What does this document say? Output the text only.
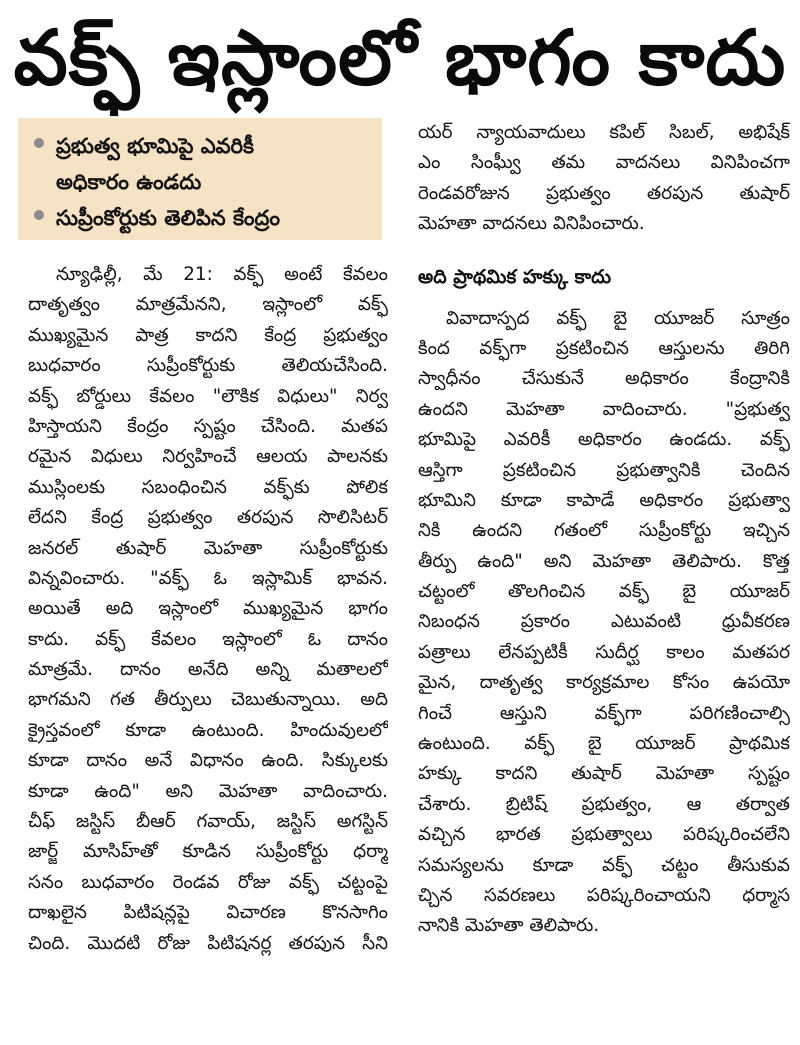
వక్ఫ్ ఇస్లాంలో భాగం కాదు
ప్రభుత్వ భూమిపై ఎవరికీ
అధికారం ఉండదు
సుప్రీంకోర్టుకు తెలిపిన కేంద్రం
న్యూఢిల్లీ, మే 21: వక్ఫ్ అంటే కేవలం
దాతృత్వం మాత్రమేనని, ఇస్లాంలో వక్ఫ్
ముఖ్యమైన పాత్ర కాదని కేంద్ర ప్రభుత్వం
బుధవారం సుప్రీంకోర్టుకు తెలియచేసింది.
వక్ఫ్ బోర్డులు కేవలం "లౌకిక విధులు" నిర్వ
హిస్తాయని కేంద్రం స్పష్టం చేసింది. మతప
రమైన విధులు నిర్వహించే ఆలయ పాలనకు
ముస్లింలకు సబంధించిన వక్ఫ్‌కు పోలిక
లేదని కేంద్ర ప్రభుత్వం తరపున సొలిసిటర్
జనరల్ తుషార్ మెహతా సుప్రీంకోర్టుకు
విన్నవించారు. "వక్ఫ్ ఓ ఇస్లామిక్ భావన.
అయితే అది ఇస్లాంలో ముఖ్యమైన భాగం
కాదు. వక్ఫ్ కేవలం ఇస్లాంలో ఓ దానం
మాత్రమే. దానం అనేది అన్ని మతాలలో
భాగమని గత తీర్పులు చెబుతున్నాయి. అది
క్రైస్తవంలో కూడా ఉంటుంది. హిందువులలో
కూడా దానం అనే విధానం ఉంది. సిక్కులకు
కూడా ఉంది" అని మెహతా వాదించారు.
చీఫ్ జస్టిస్ బీఆర్ గవాయ్, జస్టిస్ అగస్టిన్
జార్జ్ మాసిహ్‌తో కూడిన సుప్రీంకోర్టు ధర్మా
సనం బుధవారం రెండవ రోజు వక్ఫ్ చట్టంపై
దాఖలైన పిటిషన్లపై విచారణ కొనసాగిం
చింది. మొదటి రోజు పిటిషనర్ల తరపున సీని
యర్ న్యాయవాదులు కపిల్ సిబల్, అభిషేక్
ఎం సింఘ్వీ తమ వాదనలు వినిపించగా
రెండవరోజున ప్రభుత్వం తరపున తుషార్
మెహతా వాదనలు వినిపించారు.
అది ప్రాథమిక హక్కు కాదు
వివాదాస్పద వక్ఫ్ బై యూజర్ సూత్రం
కింద వక్ఫ్‌గా ప్రకటించిన ఆస్తులను తిరిగి
స్వాధీనం చేసుకునే అధికారం కేంద్రానికి
ఉందని మెహతా వాదించారు. "ప్రభుత్వ
భూమిపై ఎవరికీ అధికారం ఉండదు. వక్ఫ్
ఆస్తిగా ప్రకటించిన ప్రభుత్వానికి చెందిన
భూమిని కూడా కాపాడే అధికారం ప్రభుత్వా
నికి ఉందని గతంలో సుప్రీంకోర్టు ఇచ్చిన
తీర్పు ఉంది" అని మెహతా తెలిపారు. కొత్త
చట్టంలో తొలగించిన వక్ఫ్ బై యూజర్
నిబంధన ప్రకారం ఎటువంటి ధ్రువీకరణ
పత్రాలు లేనప్పటికీ సుదీర్ఘ కాలం మతపర
మైన, దాతృత్వ కార్యక్రమాల కోసం ఉపయో
గించే ఆస్తుని వక్ఫ్‌గా పరిగణించాల్సి
ఉంటుంది. వక్ఫ్ బై యూజర్ ప్రాథమిక
హక్కు కాదని తుషార్ మెహతా స్పష్టం
చేశారు. బ్రిటిష్ ప్రభుత్వం, ఆ తర్వాత
వచ్చిన భారత ప్రభుత్వాలు పరిష్కరించలేని
సమస్యలను కూడా వక్ఫ్ చట్టం తీసుకువ
చ్చిన సవరణలు పరిష్కరించాయని ధర్మాస
నానికి మెహతా తెలిపారు.
